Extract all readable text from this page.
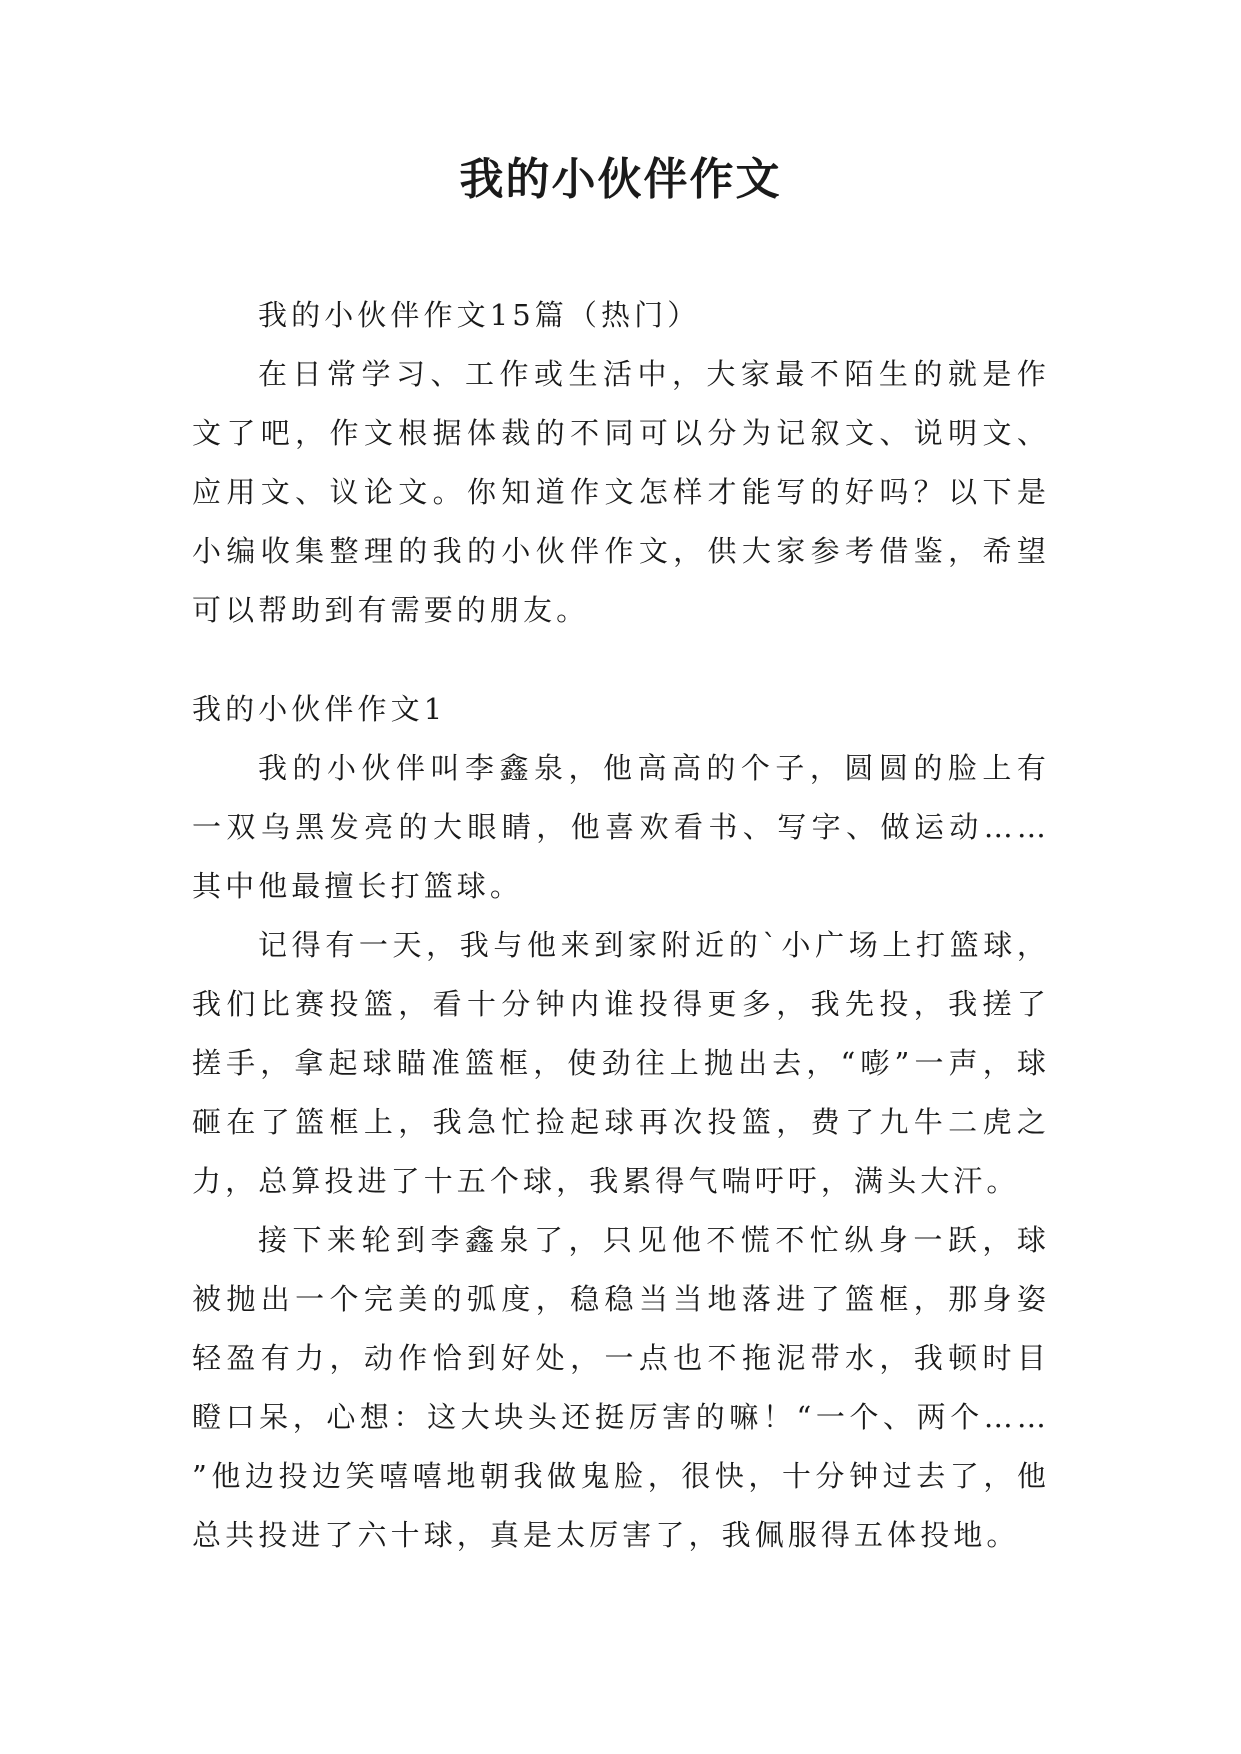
我的小伙伴作文

我的小伙伴作文15篇（热门）

在日常学习、工作或生活中，大家最不陌生的就是作文了吧，作文根据体裁的不同可以分为记叙文、说明文、应用文、议论文。你知道作文怎样才能写的好吗？以下是小编收集整理的我的小伙伴作文，供大家参考借鉴，希望可以帮助到有需要的朋友。

我的小伙伴作文1

我的小伙伴叫李鑫泉，他高高的个子，圆圆的脸上有一双乌黑发亮的大眼睛，他喜欢看书、写字、做运动……其中他最擅长打篮球。

记得有一天，我与他来到家附近的`小广场上打篮球，我们比赛投篮，看十分钟内谁投得更多，我先投，我搓了搓手，拿起球瞄准篮框，使劲往上抛出去，“嘭”一声，球砸在了篮框上，我急忙捡起球再次投篮，费了九牛二虎之力，总算投进了十五个球，我累得气喘吁吁，满头大汗。

接下来轮到李鑫泉了，只见他不慌不忙纵身一跃，球被抛出一个完美的弧度，稳稳当当地落进了篮框，那身姿轻盈有力，动作恰到好处，一点也不拖泥带水，我顿时目瞪口呆，心想：这大块头还挺厉害的嘛！“一个、两个……”他边投边笑嘻嘻地朝我做鬼脸，很快，十分钟过去了，他总共投进了六十球，真是太厉害了，我佩服得五体投地。
